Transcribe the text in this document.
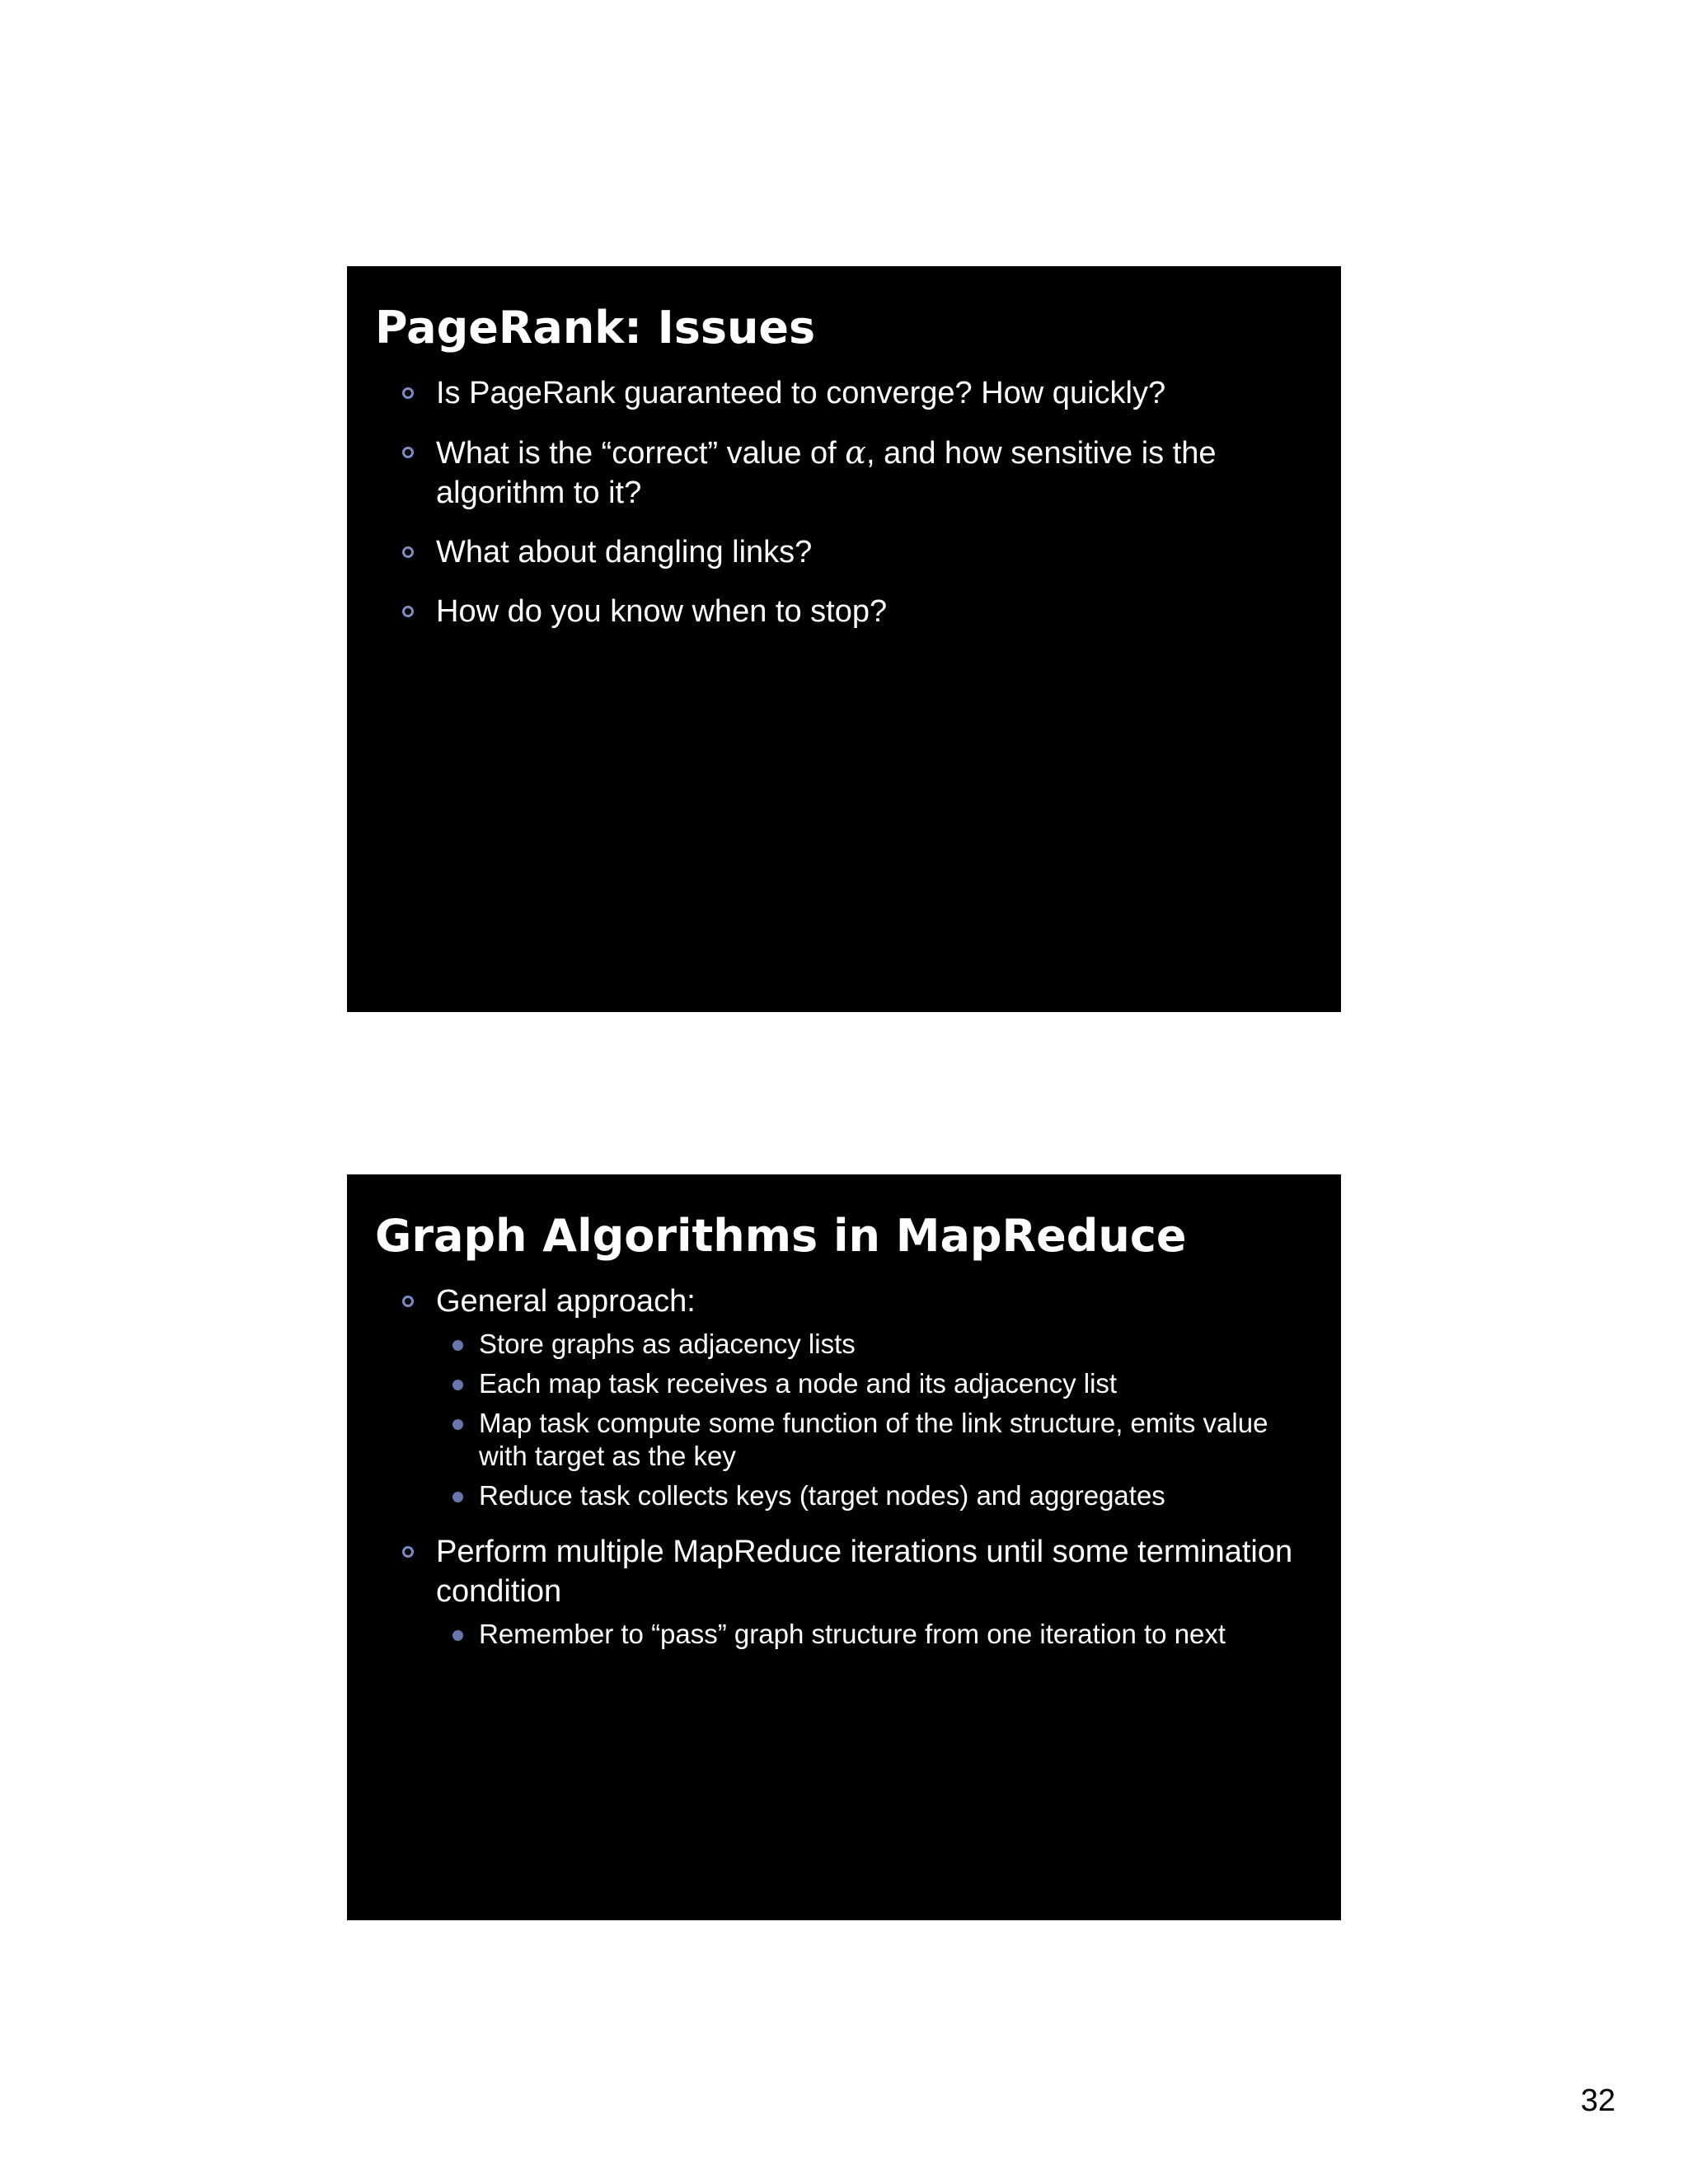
PageRank: Issues
Is PageRank guaranteed to converge? How quickly?
What is the “correct” value of α, and how sensitive is the algorithm to it?
What about dangling links?
How do you know when to stop?
Graph Algorithms in MapReduce
General approach:
Store graphs as adjacency lists
Each map task receives a node and its adjacency list
Map task compute some function of the link structure, emits value with target as the key
Reduce task collects keys (target nodes) and aggregates
Perform multiple MapReduce iterations until some termination condition
Remember to “pass” graph structure from one iteration to next
32
